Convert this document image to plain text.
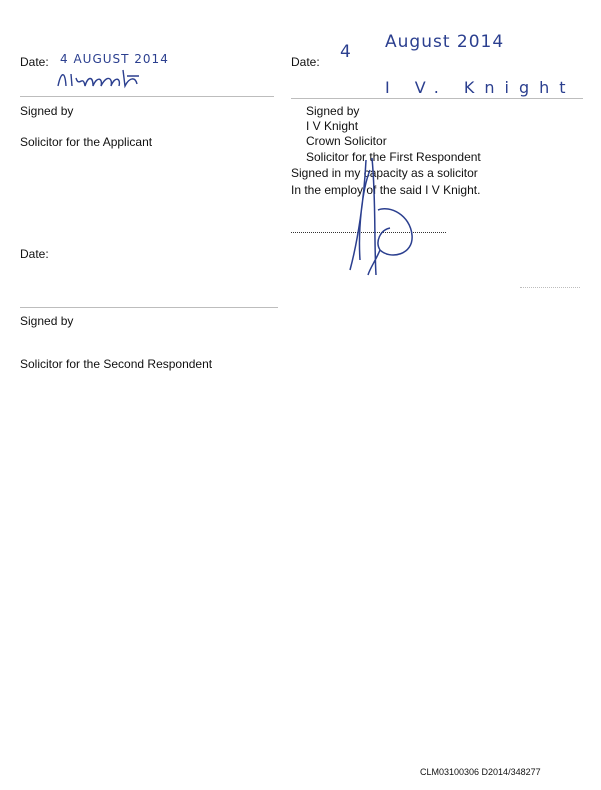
Date: 4 AUGUST 2014
Signed by
Solicitor for the Applicant
Date: 4 August 2014
I V. Knight
Signed by
I V Knight
Crown Solicitor
Solicitor for the First Respondent
Signed in my capacity as a solicitor
In the employ of the said I V Knight.
Date:
Signed by
Solicitor for the Second Respondent
CLM03100306 D2014/348277
